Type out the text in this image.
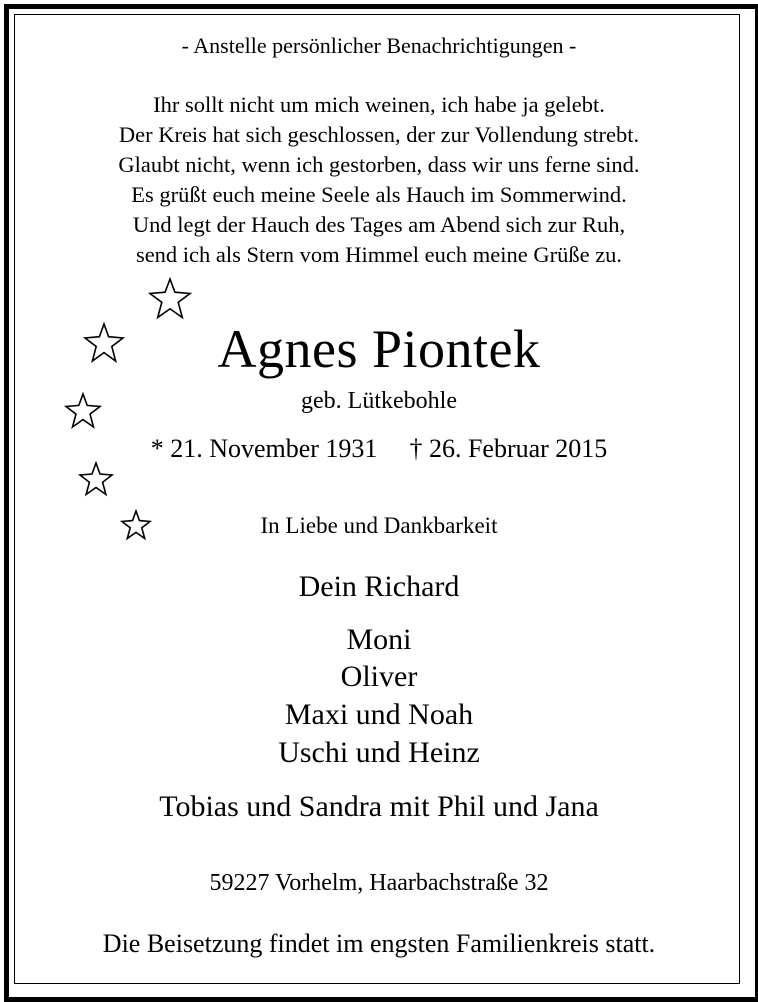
- Anstelle persönlicher Benachrichtigungen -
Ihr sollt nicht um mich weinen, ich habe ja gelebt.
Der Kreis hat sich geschlossen, der zur Vollendung strebt.
Glaubt nicht, wenn ich gestorben, dass wir uns ferne sind.
Es grüßt euch meine Seele als Hauch im Sommerwind.
Und legt der Hauch des Tages am Abend sich zur Ruh,
send ich als Stern vom Himmel euch meine Grüße zu.
Agnes Piontek
geb. Lütkebohle
* 21. November 1931 † 26. Februar 2015
In Liebe und Dankbarkeit
Dein Richard
Moni
Oliver
Maxi und Noah
Uschi und Heinz
Tobias und Sandra mit Phil und Jana
59227 Vorhelm, Haarbachstraße 32
Die Beisetzung findet im engsten Familienkreis statt.
